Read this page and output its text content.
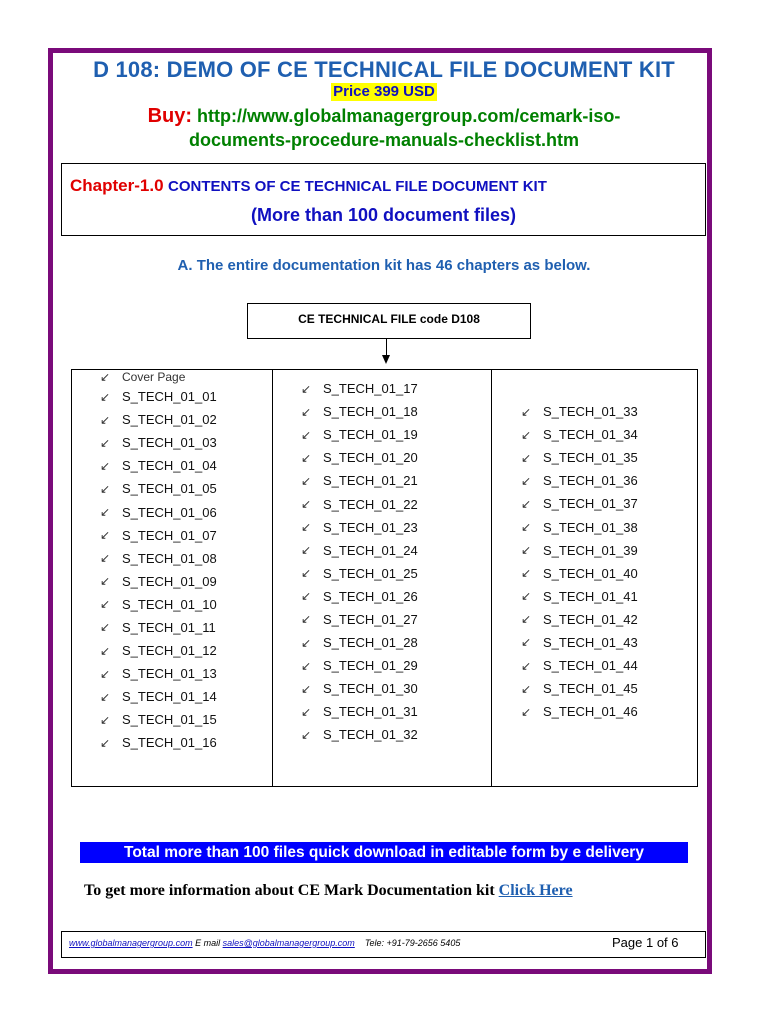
D 108: DEMO OF CE TECHNICAL FILE DOCUMENT KIT
Price 399 USD
Buy: http://www.globalmanagergroup.com/cemark-iso-
documents-procedure-manuals-checklist.htm
Chapter-1.0 CONTENTS OF CE TECHNICAL FILE DOCUMENT KIT
(More than 100 document files)
A. The entire documentation kit has 46 chapters as below.
CE TECHNICAL FILE code D108
↙ Cover Page
↙ S_TECH_01_01
↙ S_TECH_01_02
↙ S_TECH_01_03
↙ S_TECH_01_04
↙ S_TECH_01_05
↙ S_TECH_01_06
↙ S_TECH_01_07
↙ S_TECH_01_08
↙ S_TECH_01_09
↙ S_TECH_01_10
↙ S_TECH_01_11
↙ S_TECH_01_12
↙ S_TECH_01_13
↙ S_TECH_01_14
↙ S_TECH_01_15
↙ S_TECH_01_16
↙ S_TECH_01_17
↙ S_TECH_01_18
↙ S_TECH_01_19
↙ S_TECH_01_20
↙ S_TECH_01_21
↙ S_TECH_01_22
↙ S_TECH_01_23
↙ S_TECH_01_24
↙ S_TECH_01_25
↙ S_TECH_01_26
↙ S_TECH_01_27
↙ S_TECH_01_28
↙ S_TECH_01_29
↙ S_TECH_01_30
↙ S_TECH_01_31
↙ S_TECH_01_32
↙ S_TECH_01_33
↙ S_TECH_01_34
↙ S_TECH_01_35
↙ S_TECH_01_36
↙ S_TECH_01_37
↙ S_TECH_01_38
↙ S_TECH_01_39
↙ S_TECH_01_40
↙ S_TECH_01_41
↙ S_TECH_01_42
↙ S_TECH_01_43
↙ S_TECH_01_44
↙ S_TECH_01_45
↙ S_TECH_01_46
Total more than 100 files quick download in editable form by e delivery
To get more information about CE Mark Documentation kit Click Here
www.globalmanagergroup.com E mail sales@globalmanagergroup.com Tele: +91-79-2656 5405	Page 1 of 6
